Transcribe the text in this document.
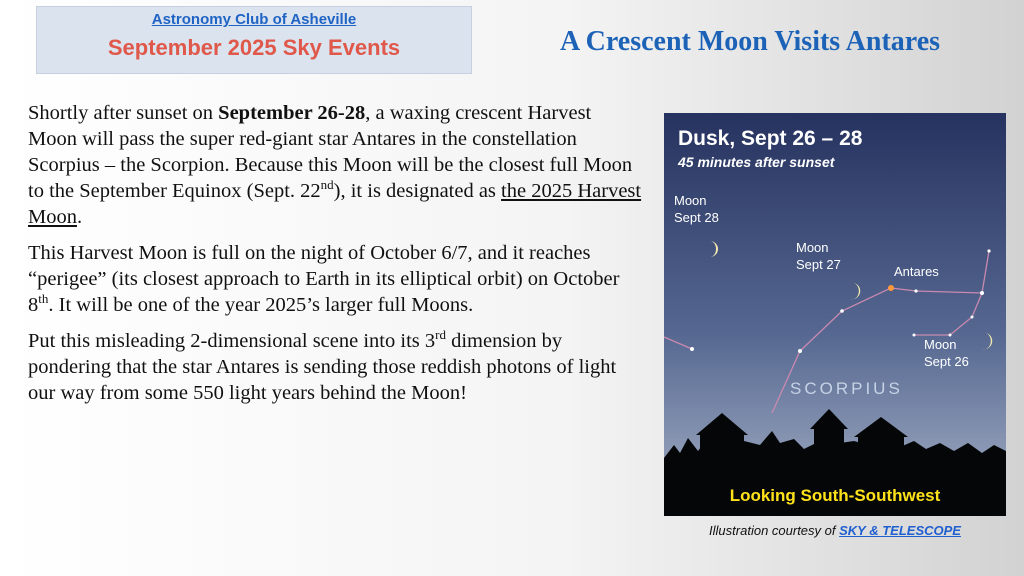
Astronomy Club of Asheville
September 2025 Sky Events	A Crescent Moon Visits Antares

Shortly after sunset on September 26-28, a waxing crescent Harvest Moon will pass the super red-giant star Antares in the constellation Scorpius – the Scorpion. Because this Moon will be the closest full Moon to the September Equinox (Sept. 22nd), it is designated as the 2025 Harvest Moon.

This Harvest Moon is full on the night of October 6/7, and it reaches “perigee” (its closest approach to Earth in its elliptical orbit) on October 8th. It will be one of the year 2025’s larger full Moons.

Put this misleading 2-dimensional scene into its 3rd dimension by pondering that the star Antares is sending those reddish photons of light our way from some 550 light years behind the Moon!

Dusk, Sept 26 – 28
45 minutes after sunset
Moon
Sept 28
Moon
Sept 27	Antares
Moon
Sept 26
SCORPIUS
Looking South-Southwest
Illustration courtesy of SKY & TELESCOPE
